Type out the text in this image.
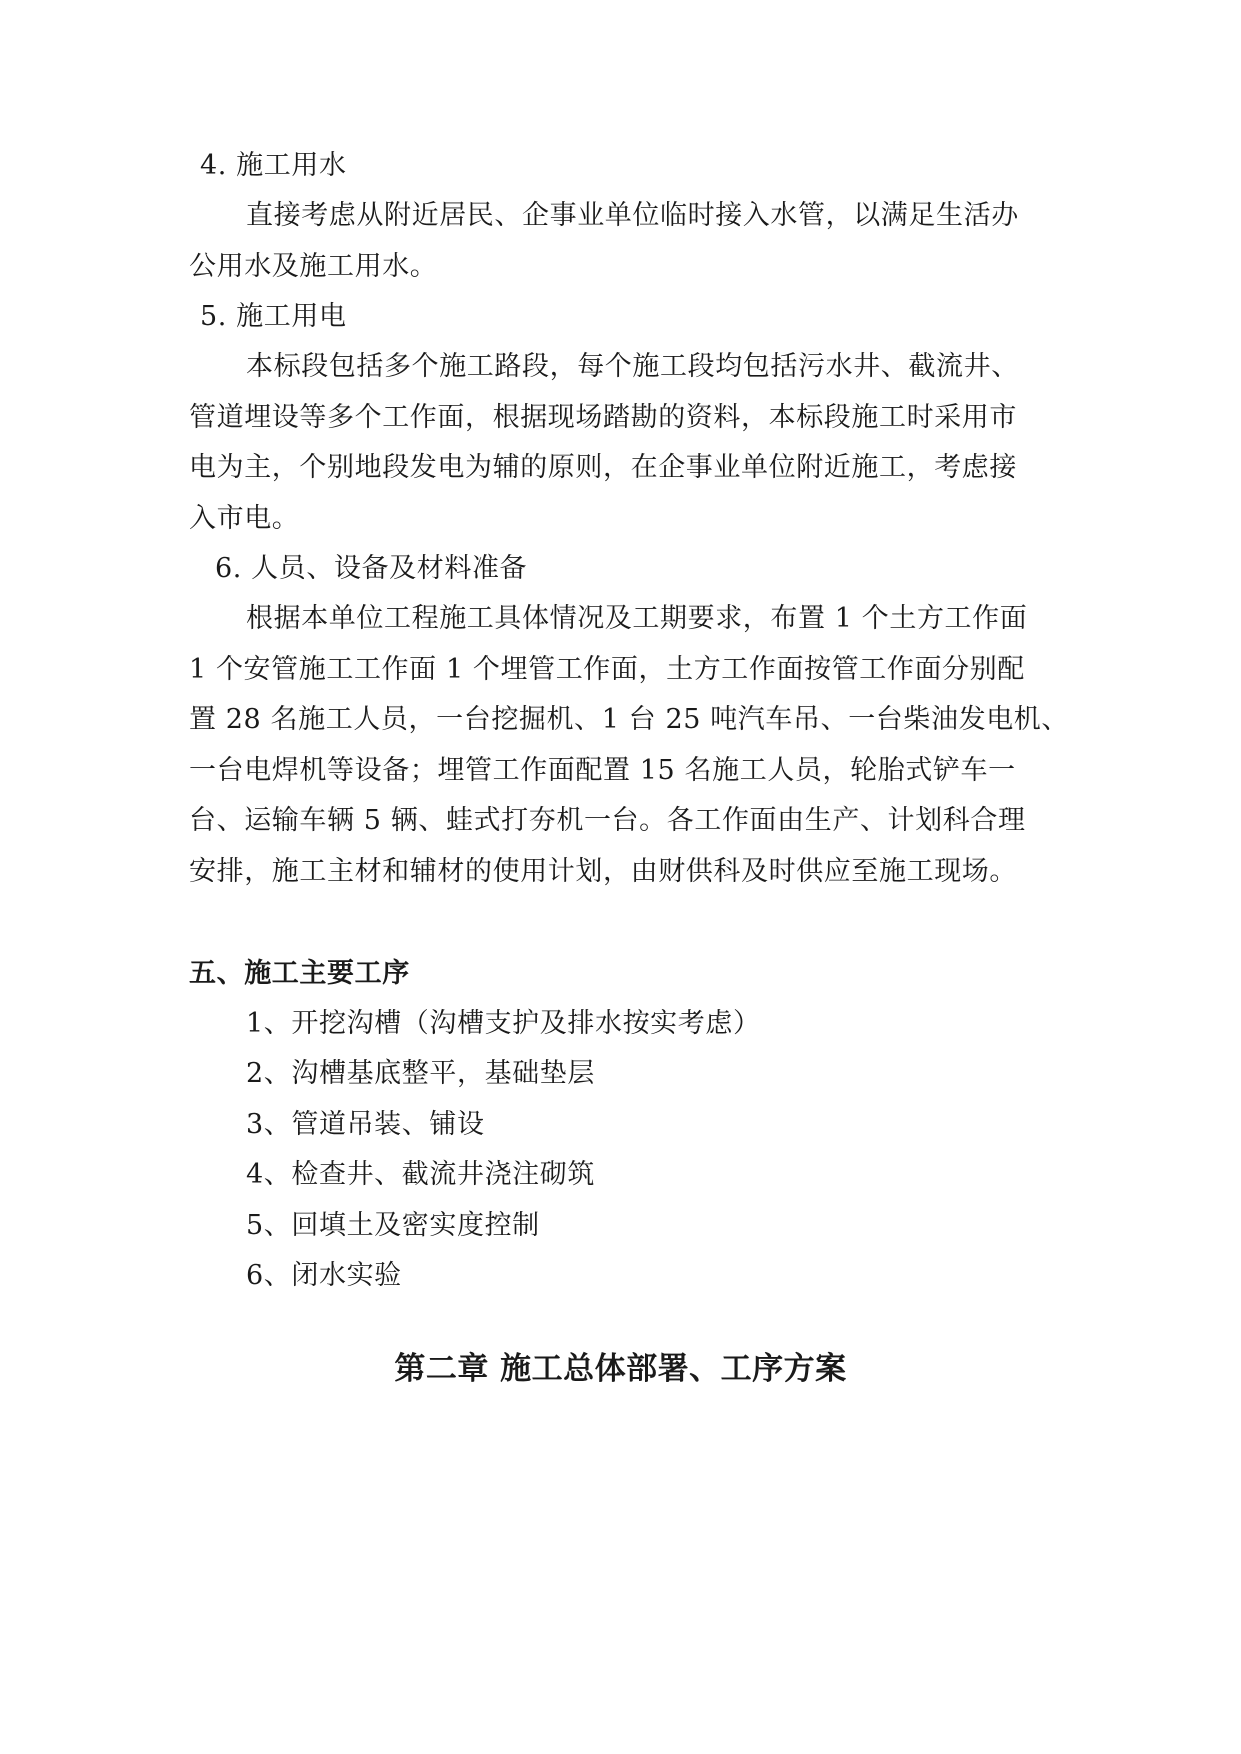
4. 施工用水
直接考虑从附近居民、企事业单位临时接入水管，以满足生活办
公用水及施工用水。
5. 施工用电
本标段包括多个施工路段，每个施工段均包括污水井、截流井、
管道埋设等多个工作面，根据现场踏勘的资料，本标段施工时采用市
电为主，个别地段发电为辅的原则，在企事业单位附近施工，考虑接
入市电。
6. 人员、设备及材料准备
根据本单位工程施工具体情况及工期要求，布置 1 个土方工作面
1 个安管施工工作面 1 个埋管工作面，土方工作面按管工作面分别配
置 28 名施工人员，一台挖掘机、1 台 25 吨汽车吊、一台柴油发电机、
一台电焊机等设备；埋管工作面配置 15 名施工人员，轮胎式铲车一
台、运输车辆 5 辆、蛙式打夯机一台。各工作面由生产、计划科合理
安排，施工主材和辅材的使用计划，由财供科及时供应至施工现场。
五、施工主要工序
1、开挖沟槽（沟槽支护及排水按实考虑）
2、沟槽基底整平，基础垫层
3、管道吊装、铺设
4、检查井、截流井浇注砌筑
5、回填土及密实度控制
6、闭水实验
第二章 施工总体部署、工序方案
